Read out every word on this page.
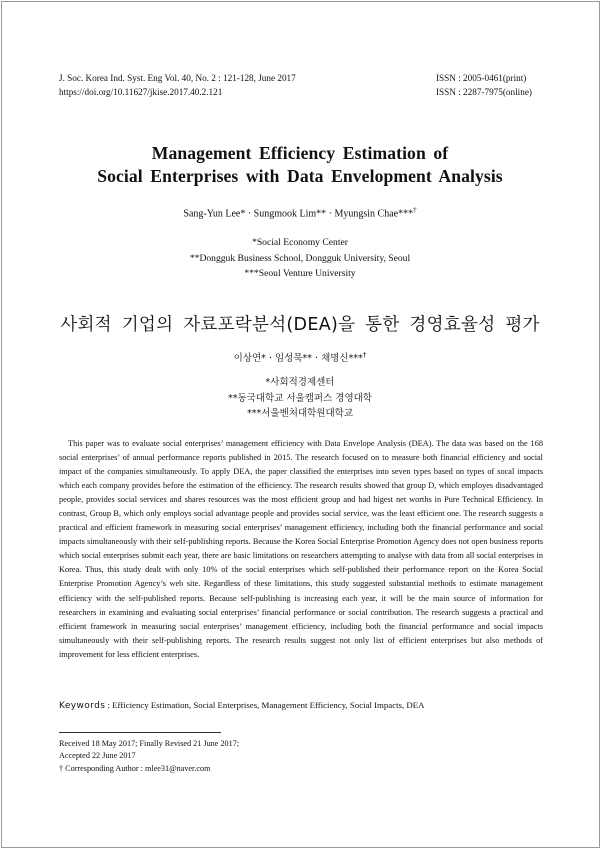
J. Soc. Korea Ind. Syst. Eng Vol. 40, No. 2 : 121-128, June 2017
https://doi.org/10.11627/jkise.2017.40.2.121
ISSN : 2005-0461(print)
ISSN : 2287-7975(online)
Management Efficiency Estimation of
Social Enterprises with Data Envelopment Analysis
Sang-Yun Lee* · Sungmook Lim** · Myungsin Chae***†
*Social Economy Center
**Dongguk Business School, Dongguk University, Seoul
***Seoul Venture University
사회적 기업의 자료포락분석(DEA)을 통한 경영효율성 평가
이상연* · 임성묵** · 채명신***†
*사회적경제센터
**동국대학교 서울캠퍼스 경영대학
***서울벤처대학원대학교
This paper was to evaluate social enterprises’ management efficiency with Data Envelope Analysis (DEA). The data was based on the 168 social enterprises’ of annual performance reports published in 2015. The research focused on to measure both financial efficiency and social impact of the companies simultaneously. To apply DEA, the paper classified the enterprises into seven types based on types of socal impacts which each company provides before the estimation of the efficiency. The research results showed that group D, which employes disadvantaged people, provides social services and shares resources was the most efficient group and had higest net worths in Pure Technical Efficiency. In contrast, Group B, which only employs social advantage people and provides social service, was the least efficient one. The research suggests a practical and efficient framework in measuring social enterprises’ management efficiency, including both the financial performance and social impacts simultaneously with their self-publishing reports. Because the Korea Social Enterprise Promotion Agency does not open business reports which social enterprises submit each year, there are basic limitations on researchers attempting to analyse with data from all social enterprises in Korea. Thus, this study dealt with only 10% of the social enterprises which self-published their performance report on the Korea Social Enterprise Promotion Agency’s web site. Regardless of these limitations, this study suggested substantial methods to estimate management efficiency with the self-published reports. Because self-publishing is increasing each year, it will be the main source of information for researchers in examining and evaluating social enterprises’ financial performance or social contribution. The research suggests a practical and efficient framework in measuring social enterprises’ management efficiency, including both the financial performance and social impacts simultaneously with their self-publishing reports. The research results suggest not only list of efficient enterprises but also methods of improvement for less efficient enterprises.
Keywords : Efficiency Estimation, Social Enterprises, Management Efficiency, Social Impacts, DEA
Received 18 May 2017; Finally Revised 21 June 2017;
Accepted 22 June 2017
† Corresponding Author : mlee31@naver.com
